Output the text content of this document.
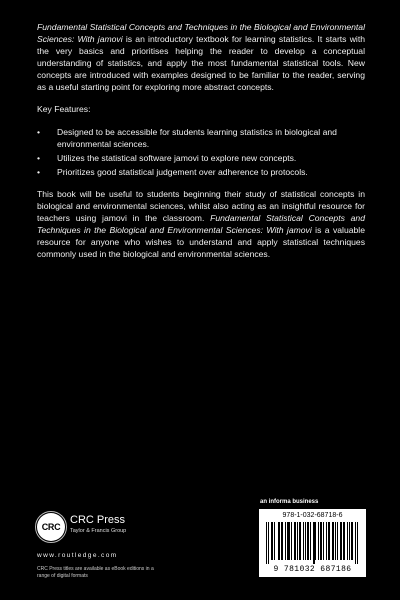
Fundamental Statistical Concepts and Techniques in the Biological and Environmental Sciences: With jamovi is an introductory textbook for learning statistics. It starts with the very basics and prioritises helping the reader to develop a conceptual understanding of statistics, and apply the most fundamental statistical tools. New concepts are introduced with examples designed to be familiar to the reader, serving as a useful starting point for exploring more abstract concepts.

Key Features:

• Designed to be accessible for students learning statistics in biological and environmental sciences.
• Utilizes the statistical software jamovi to explore new concepts.
• Prioritizes good statistical judgement over adherence to protocols.

This book will be useful to students beginning their study of statistical concepts in biological and environmental sciences, whilst also acting as an insightful resource for teachers using jamovi in the classroom. Fundamental Statistical Concepts and Techniques in the Biological and Environmental Sciences: With jamovi is a valuable resource for anyone who wishes to understand and apply statistical techniques commonly used in the biological and environmental sciences.

CRC
CRC Press
Taylor & Francis Group
www.routledge.com
CRC Press titles are available as eBook editions in a range of digital formats
an informa business
978-1-032-68718-6
9 781032 687186
